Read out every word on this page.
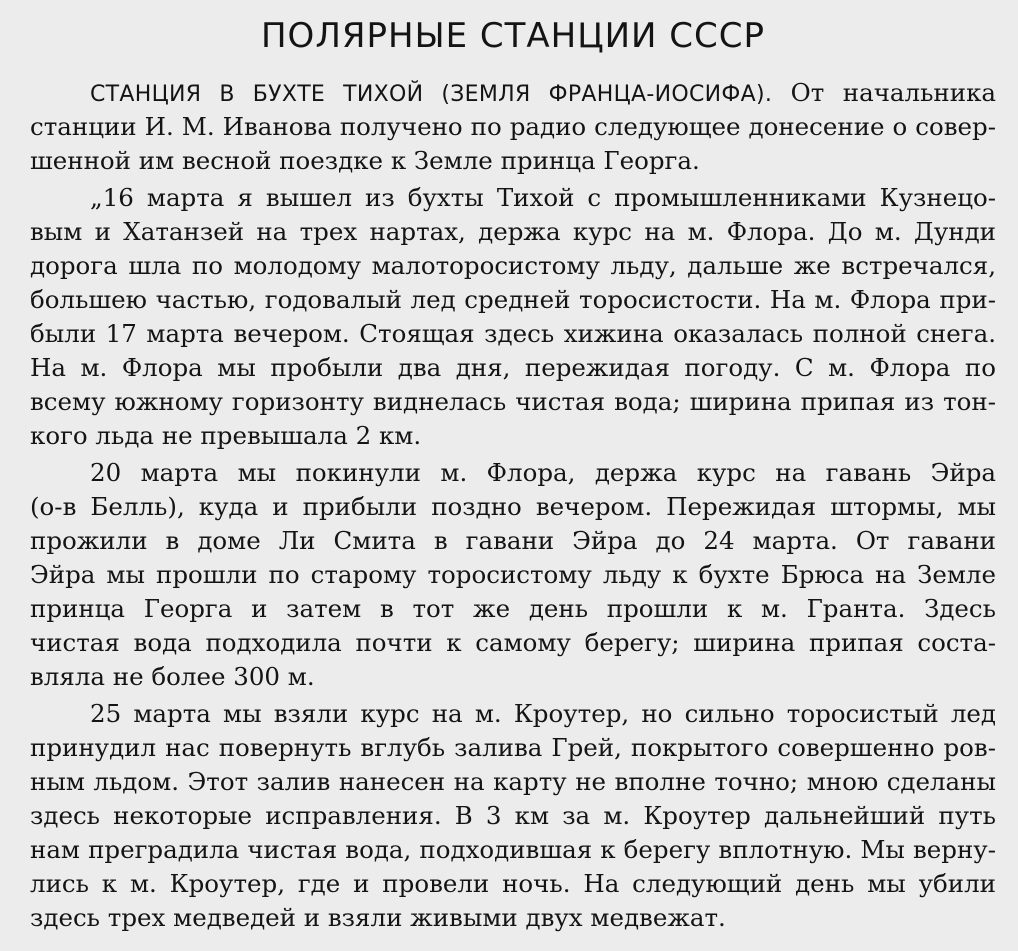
ПОЛЯРНЫЕ СТАНЦИИ СССР
СТАНЦИЯ В БУХТЕ ТИХОЙ (ЗЕМЛЯ ФРАНЦА-ИОСИФА). От начальника
станции И. М. Иванова получено по радио следующее донесение о совер-
шенной им весной поездке к Земле принца Георга.
„16 марта я вышел из бухты Тихой с промышленниками Кузнецо-
вым и Хатанзей на трех нартах, держа курс на м. Флора. До м. Дунди
дорога шла по молодому малоторосистому льду, дальше же встречался,
большею частью, годовалый лед средней торосистости. На м. Флора при-
были 17 марта вечером. Стоящая здесь хижина оказалась полной снега.
На м. Флора мы пробыли два дня, пережидая погоду. С м. Флора по
всему южному горизонту виднелась чистая вода; ширина припая из тон-
кого льда не превышала 2 км.
20 марта мы покинули м. Флора, держа курс на гавань Эйра
(о-в Белль), куда и прибыли поздно вечером. Пережидая штормы, мы
прожили в доме Ли Смита в гавани Эйра до 24 марта. От гавани
Эйра мы прошли по старому торосистому льду к бухте Брюса на Земле
принца Георга и затем в тот же день прошли к м. Гранта. Здесь
чистая вода подходила почти к самому берегу; ширина припая соста-
вляла не более 300 м.
25 марта мы взяли курс на м. Кроутер, но сильно торосистый лед
принудил нас повернуть вглубь залива Грей, покрытого совершенно ров-
ным льдом. Этот залив нанесен на карту не вполне точно; мною сделаны
здесь некоторые исправления. В 3 км за м. Кроутер дальнейший путь
нам преградила чистая вода, подходившая к берегу вплотную. Мы верну-
лись к м. Кроутер, где и провели ночь. На следующий день мы убили
здесь трех медведей и взяли живыми двух медвежат.
